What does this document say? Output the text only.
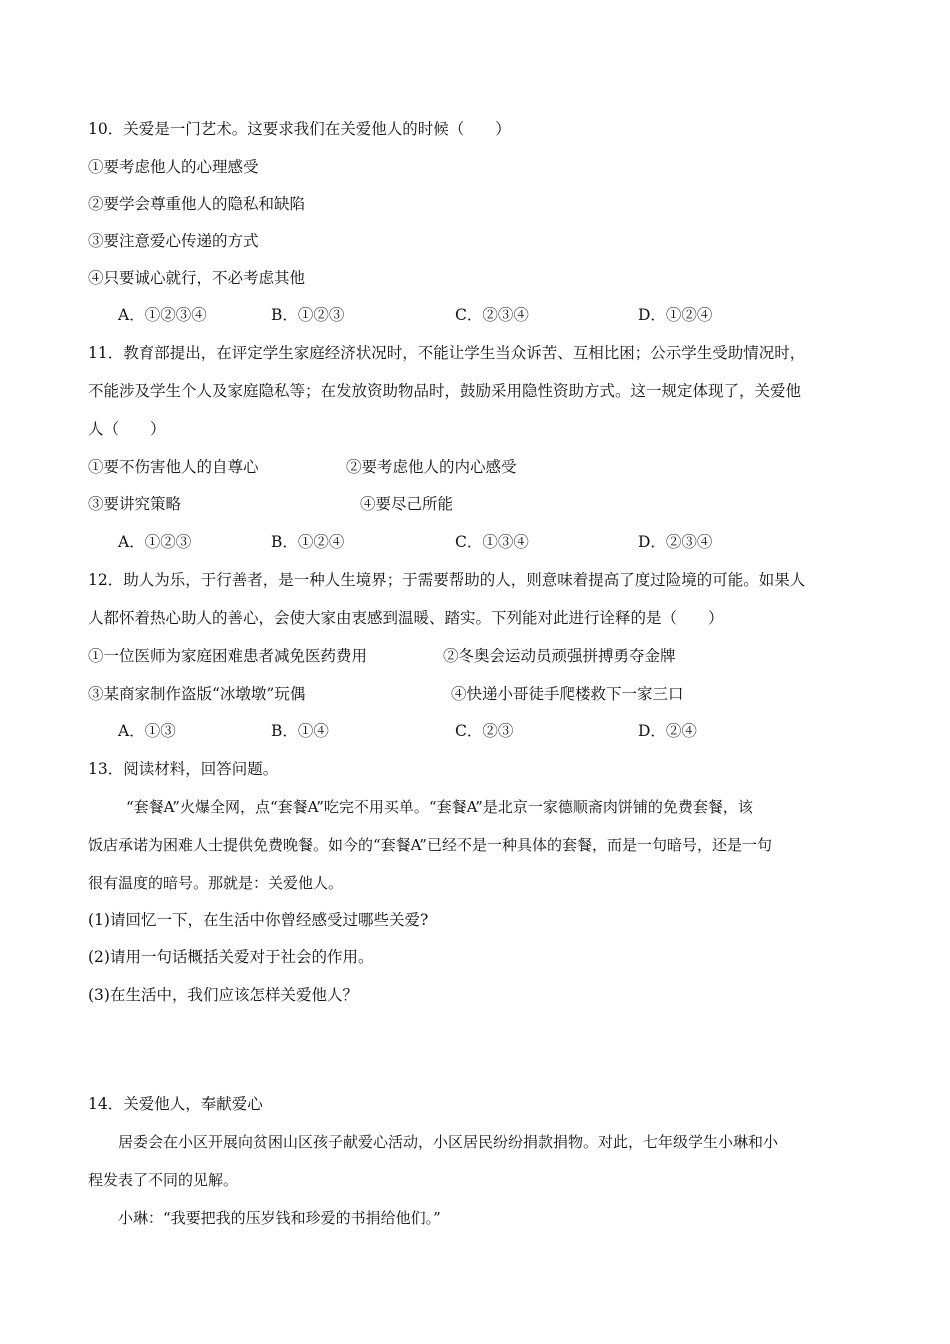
10．关爱是一门艺术。这要求我们在关爱他人的时候（　　）
①要考虑他人的心理感受
②要学会尊重他人的隐私和缺陷
③要注意爱心传递的方式
④只要诚心就行，不必考虑其他
A．①②③④	B．①②③	C．②③④	D．①②④
11．教育部提出，在评定学生家庭经济状况时，不能让学生当众诉苦、互相比困；公示学生受助情况时，
不能涉及学生个人及家庭隐私等；在发放资助物品时，鼓励采用隐性资助方式。这一规定体现了，关爱他
人（　　）
①要不伤害他人的自尊心	②要考虑他人的内心感受
③要讲究策略	④要尽己所能
A．①②③	B．①②④	C．①③④	D．②③④
12．助人为乐，于行善者，是一种人生境界；于需要帮助的人，则意味着提高了度过险境的可能。如果人
人都怀着热心助人的善心，会使大家由衷感到温暖、踏实。下列能对此进行诠释的是（　　）
①一位医师为家庭困难患者减免医药费用	②冬奥会运动员顽强拼搏勇夺金牌
③某商家制作盗版“冰墩墩”玩偶	④快递小哥徒手爬楼救下一家三口
A．①③	B．①④	C．②③	D．②④
13．阅读材料，回答问题。
“套餐A”火爆全网，点“套餐A”吃完不用买单。“套餐A”是北京一家德顺斋肉饼铺的免费套餐，该
饭店承诺为困难人士提供免费晚餐。如今的“套餐A”已经不是一种具体的套餐，而是一句暗号，还是一句
很有温度的暗号。那就是：关爱他人。
(1)请回忆一下，在生活中你曾经感受过哪些关爱?
(2)请用一句话概括关爱对于社会的作用。
(3)在生活中，我们应该怎样关爱他人？
14．关爱他人，奉献爱心
居委会在小区开展向贫困山区孩子献爱心活动，小区居民纷纷捐款捐物。对此，七年级学生小琳和小
程发表了不同的见解。
小琳：“我要把我的压岁钱和珍爱的书捐给他们。”
